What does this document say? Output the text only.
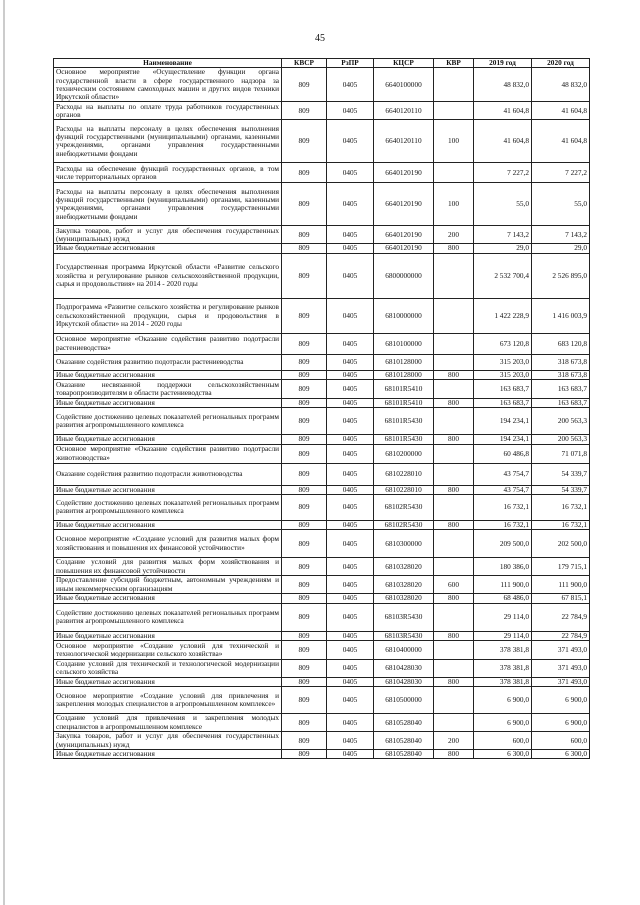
45
Наименование	КВСР	РзПР	КЦСР	КВР	2019 год	2020 год
Основное мероприятие «Осуществление функции органа государственной власти в сфере государственного надзора за техническим состоянием самоходных машин и других видов техники Иркутской области»	809	0405	6640100000		48 832,0	48 832,0
Расходы на выплаты по оплате труда работников государственных органов	809	0405	6640120110		41 604,8	41 604,8
Расходы на выплаты персоналу в целях обеспечения выполнения функций государственными (муниципальными) органами, казенными учреждениями, органами управления государственными внебюджетными фондами	809	0405	6640120110	100	41 604,8	41 604,8
Расходы на обеспечение функций государственных органов, в том числе территориальных органов	809	0405	6640120190		7 227,2	7 227,2
Расходы на выплаты персоналу в целях обеспечения выполнения функций государственными (муниципальными) органами, казенными учреждениями, органами управления государственными внебюджетными фондами	809	0405	6640120190	100	55,0	55,0
Закупка товаров, работ и услуг для обеспечения государственных (муниципальных) нужд	809	0405	6640120190	200	7 143,2	7 143,2
Иные бюджетные ассигнования	809	0405	6640120190	800	29,0	29,0
Государственная программа Иркутской области «Развитие сельского хозяйства и регулирование рынков сельскохозяйственной продукции, сырья и продовольствия» на 2014 - 2020 годы	809	0405	6800000000		2 532 700,4	2 526 895,0
Подпрограмма «Развитие сельского хозяйства и регулирование рынков сельскохозяйственной продукции, сырья и продовольствия в Иркутской области» на 2014 - 2020 годы	809	0405	6810000000		1 422 228,9	1 416 003,9
Основное мероприятие «Оказание содействия развитию подотрасли растениеводства»	809	0405	6810100000		673 120,8	683 120,8
Оказание содействия развитию подотрасли растениеводства	809	0405	6810128000		315 203,0	318 673,8
Иные бюджетные ассигнования	809	0405	6810128000	800	315 203,0	318 673,8
Оказание несвязанной поддержки сельскохозяйственным товаропроизводителям в области растениеводства	809	0405	68101R5410		163 683,7	163 683,7
Иные бюджетные ассигнования	809	0405	68101R5410	800	163 683,7	163 683,7
Содействие достижению целевых показателей региональных программ развития агропромышленного комплекса	809	0405	68101R5430		194 234,1	200 563,3
Иные бюджетные ассигнования	809	0405	68101R5430	800	194 234,1	200 563,3
Основное мероприятие «Оказание содействия развитию подотрасли животноводства»	809	0405	6810200000		60 486,8	71 071,8
Оказание содействия развитию подотрасли животноводства	809	0405	6810228010		43 754,7	54 339,7
Иные бюджетные ассигнования	809	0405	6810228010	800	43 754,7	54 339,7
Содействие достижению целевых показателей региональных программ развития агропромышленного комплекса	809	0405	68102R5430		16 732,1	16 732,1
Иные бюджетные ассигнования	809	0405	68102R5430	800	16 732,1	16 732,1
Основное мероприятие «Создание условий для развития малых форм хозяйствования и повышения их финансовой устойчивости»	809	0405	6810300000		209 500,0	202 500,0
Создание условий для развития малых форм хозяйствования и повышения их финансовой устойчивости	809	0405	6810328020		180 386,0	179 715,1
Предоставление субсидий бюджетным, автономным учреждениям и иным некоммерческим организациям	809	0405	6810328020	600	111 900,0	111 900,0
Иные бюджетные ассигнования	809	0405	6810328020	800	68 486,0	67 815,1
Содействие достижению целевых показателей региональных программ развития агропромышленного комплекса	809	0405	68103R5430		29 114,0	22 784,9
Иные бюджетные ассигнования	809	0405	68103R5430	800	29 114,0	22 784,9
Основное мероприятие «Создание условий для технической и технологической модернизации сельского хозяйства»	809	0405	6810400000		378 381,8	371 493,0
Создание условий для технической и технологической модернизации сельского хозяйства	809	0405	6810428030		378 381,8	371 493,0
Иные бюджетные ассигнования	809	0405	6810428030	800	378 381,8	371 493,0
Основное мероприятие «Создание условий для привлечения и закрепления молодых специалистов в агропромышленном комплексе»	809	0405	6810500000		6 900,0	6 900,0
Создание условий для привлечения и закрепления молодых специалистов в агропромышленном комплексе	809	0405	6810528040		6 900,0	6 900,0
Закупка товаров, работ и услуг для обеспечения государственных (муниципальных) нужд	809	0405	6810528040	200	600,0	600,0
Иные бюджетные ассигнования	809	0405	6810528040	800	6 300,0	6 300,0
